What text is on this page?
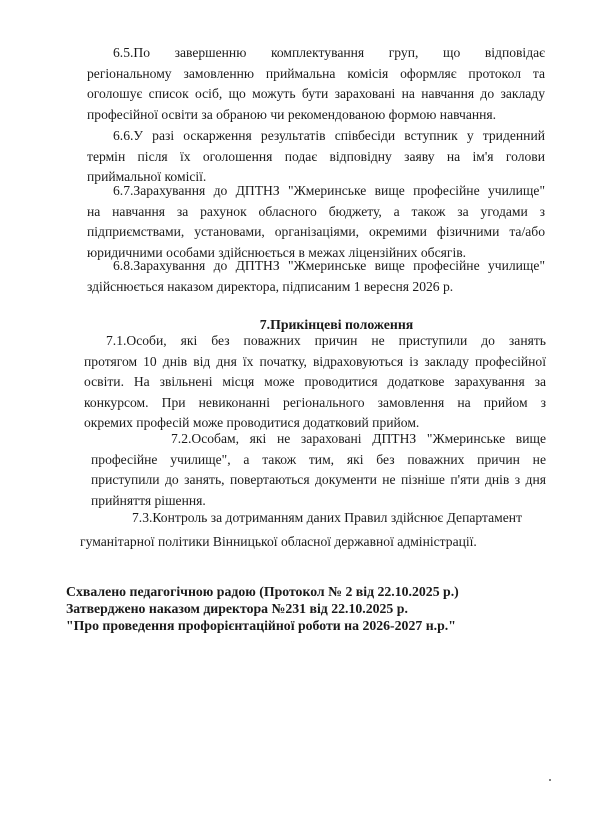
6.5.По завершенню комплектування груп, що відповідає
регіональному замовленню приймальна комісія оформляє протокол та
оголошує список осіб, що можуть бути зараховані на навчання до закладу
професійної освіти за обраною чи рекомендованою формою навчання.
6.6.У разі оскарження результатів співбесіди вступник у триденний
термін після їх оголошення подає відповідну заяву на ім'я голови
приймальної комісії.
6.7.Зарахування до ДПТНЗ "Жмеринське вище професійне училище"
на навчання за рахунок обласного бюджету, а також за угодами з
підприємствами, установами, організаціями, окремими фізичними та/або
юридичними особами здійснюється в межах ліцензійних обсягів.
6.8.Зарахування до ДПТНЗ "Жмеринське вище професійне училище"
здійснюється наказом директора, підписаним 1 вересня 2026 р.
7.Прикінцеві положення
7.1.Особи, які без поважних причин не приступили до занять
протягом 10 днів від дня їх початку, відраховуються із закладу професійної
освіти. На звільнені місця може проводитися додаткове зарахування за
конкурсом. При невиконанні регіонального замовлення на прийом з
окремих професій може проводитися додатковий прийом.
7.2.Особам, які не зараховані ДПТНЗ "Жмеринське вище
професійне училище", а також тим, які без поважних причин не
приступили до занять, повертаються документи не пізніше п'яти днів з дня
прийняття рішення.
7.3.Контроль за дотриманням даних Правил здійснює Департамент
гуманітарної політики Вінницької обласної державної адміністрації.
Схвалено педагогічною радою (Протокол № 2 від 22.10.2025 р.)
Затверджено наказом директора №231 від 22.10.2025 р.
"Про проведення профорієнтаційної роботи на 2026-2027 н.р."
